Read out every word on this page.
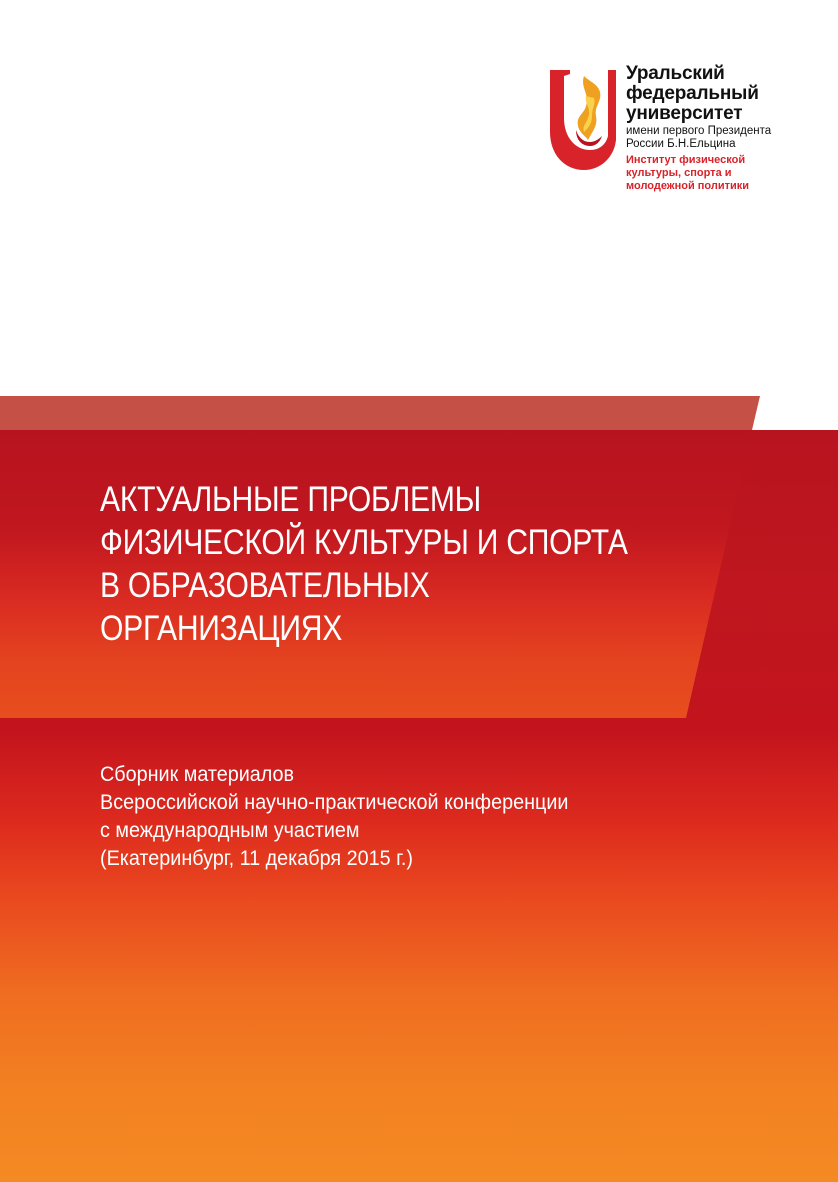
Уральский
федеральный
университет
имени первого Президента
России Б.Н.Ельцина
Институт физической
культуры, спорта и
молодежной политики
АКТУАЛЬНЫЕ ПРОБЛЕМЫ
ФИЗИЧЕСКОЙ КУЛЬТУРЫ И СПОРТА
В ОБРАЗОВАТЕЛЬНЫХ
ОРГАНИЗАЦИЯХ
Сборник материалов
Всероссийской научно-практической конференции
с международным участием
(Екатеринбург, 11 декабря 2015 г.)
